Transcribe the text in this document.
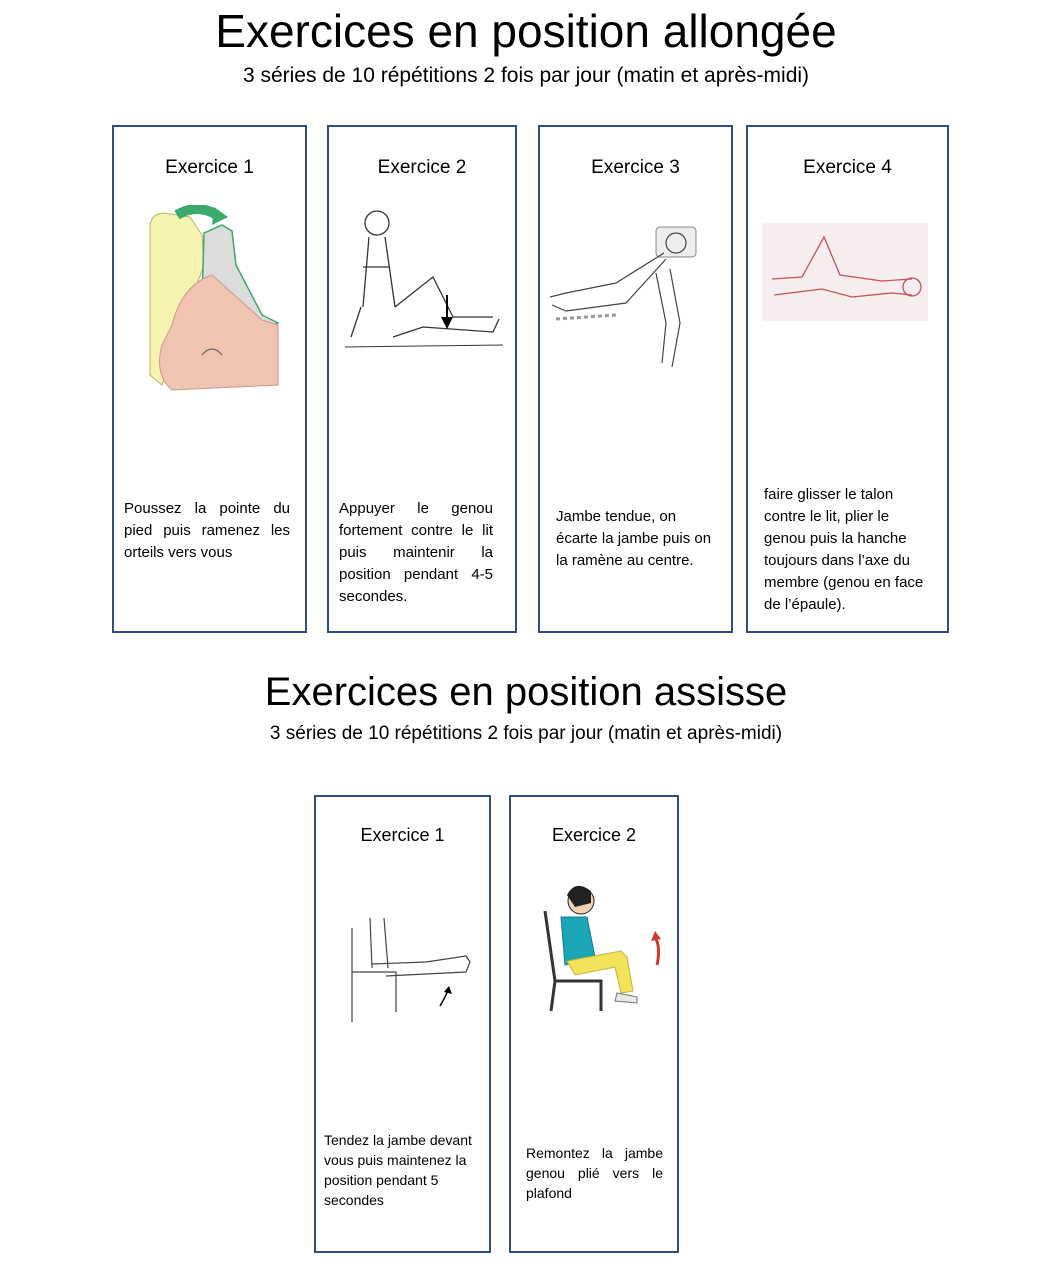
Exercices en position allongée

3 séries de 10 répétitions 2 fois par jour (matin et après-midi)

Exercice 1
Poussez la pointe du pied puis ramenez les orteils vers vous
Exercice 2
Appuyer le genou fortement contre le lit puis maintenir la position pendant 4-5 secondes.
Exercice 3
Jambe tendue, on écarte la jambe puis on la ramène au centre.
Exercice 4
faire glisser le talon contre le lit, plier le genou puis la hanche toujours dans l’axe du membre (genou en face de l’épaule).
Exercices en position assisse

3 séries de 10 répétitions 2 fois par jour (matin et après-midi)

Exercice 1
Tendez la jambe devant vous puis maintenez la position pendant 5 secondes
Exercice 2
Remontez la jambe genou plié vers le plafond
